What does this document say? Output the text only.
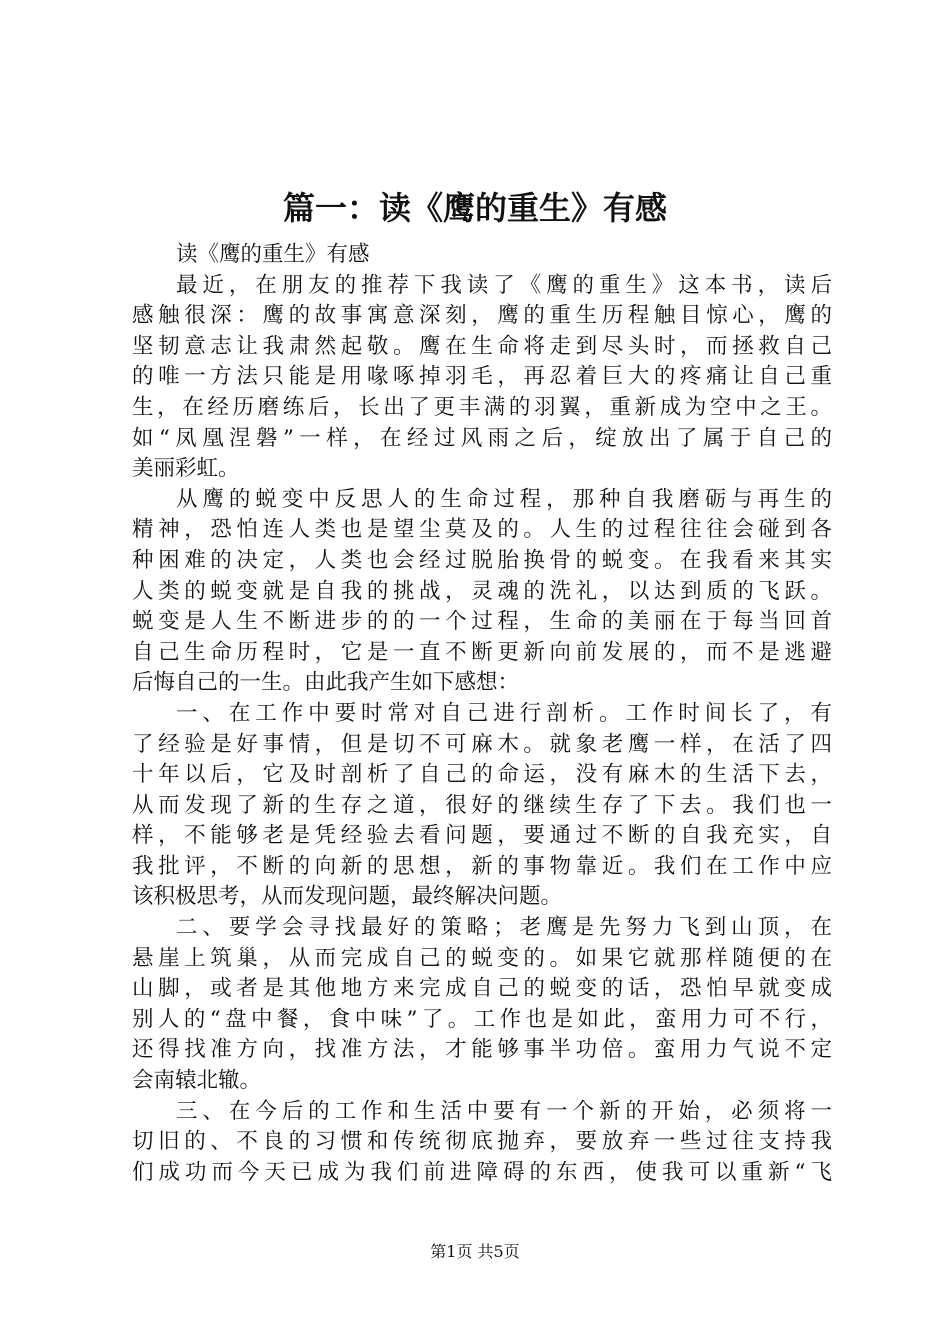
篇一：读《鹰的重生》有感
读《鹰的重生》有感
最近，在朋友的推荐下我读了《鹰的重生》这本书，读后
感触很深：鹰的故事寓意深刻，鹰的重生历程触目惊心，鹰的
坚韧意志让我肃然起敬。鹰在生命将走到尽头时，而拯救自己
的唯一方法只能是用喙啄掉羽毛，再忍着巨大的疼痛让自己重
生，在经历磨练后，长出了更丰满的羽翼，重新成为空中之王。
如“凤凰涅磐”一样，在经过风雨之后，绽放出了属于自己的
美丽彩虹。
从鹰的蜕变中反思人的生命过程，那种自我磨砺与再生的
精神，恐怕连人类也是望尘莫及的。人生的过程往往会碰到各
种困难的决定，人类也会经过脱胎换骨的蜕变。在我看来其实
人类的蜕变就是自我的挑战，灵魂的洗礼，以达到质的飞跃。
蜕变是人生不断进步的的一个过程，生命的美丽在于每当回首
自己生命历程时，它是一直不断更新向前发展的，而不是逃避
后悔自己的一生。由此我产生如下感想：
一、在工作中要时常对自己进行剖析。工作时间长了，有
了经验是好事情，但是切不可麻木。就象老鹰一样，在活了四
十年以后，它及时剖析了自己的命运，没有麻木的生活下去，
从而发现了新的生存之道，很好的继续生存了下去。我们也一
样，不能够老是凭经验去看问题，要通过不断的自我充实，自
我批评，不断的向新的思想，新的事物靠近。我们在工作中应
该积极思考，从而发现问题，最终解决问题。
二、要学会寻找最好的策略；老鹰是先努力飞到山顶，在
悬崖上筑巢，从而完成自己的蜕变的。如果它就那样随便的在
山脚，或者是其他地方来完成自己的蜕变的话，恐怕早就变成
别人的“盘中餐，食中味”了。工作也是如此，蛮用力可不行，
还得找准方向，找准方法，才能够事半功倍。蛮用力气说不定
会南辕北辙。
三、在今后的工作和生活中要有一个新的开始，必须将一
切旧的、不良的习惯和传统彻底抛弃，要放弃一些过往支持我
们成功而今天已成为我们前进障碍的东西，使我可以重新“飞
第1页 共5页
